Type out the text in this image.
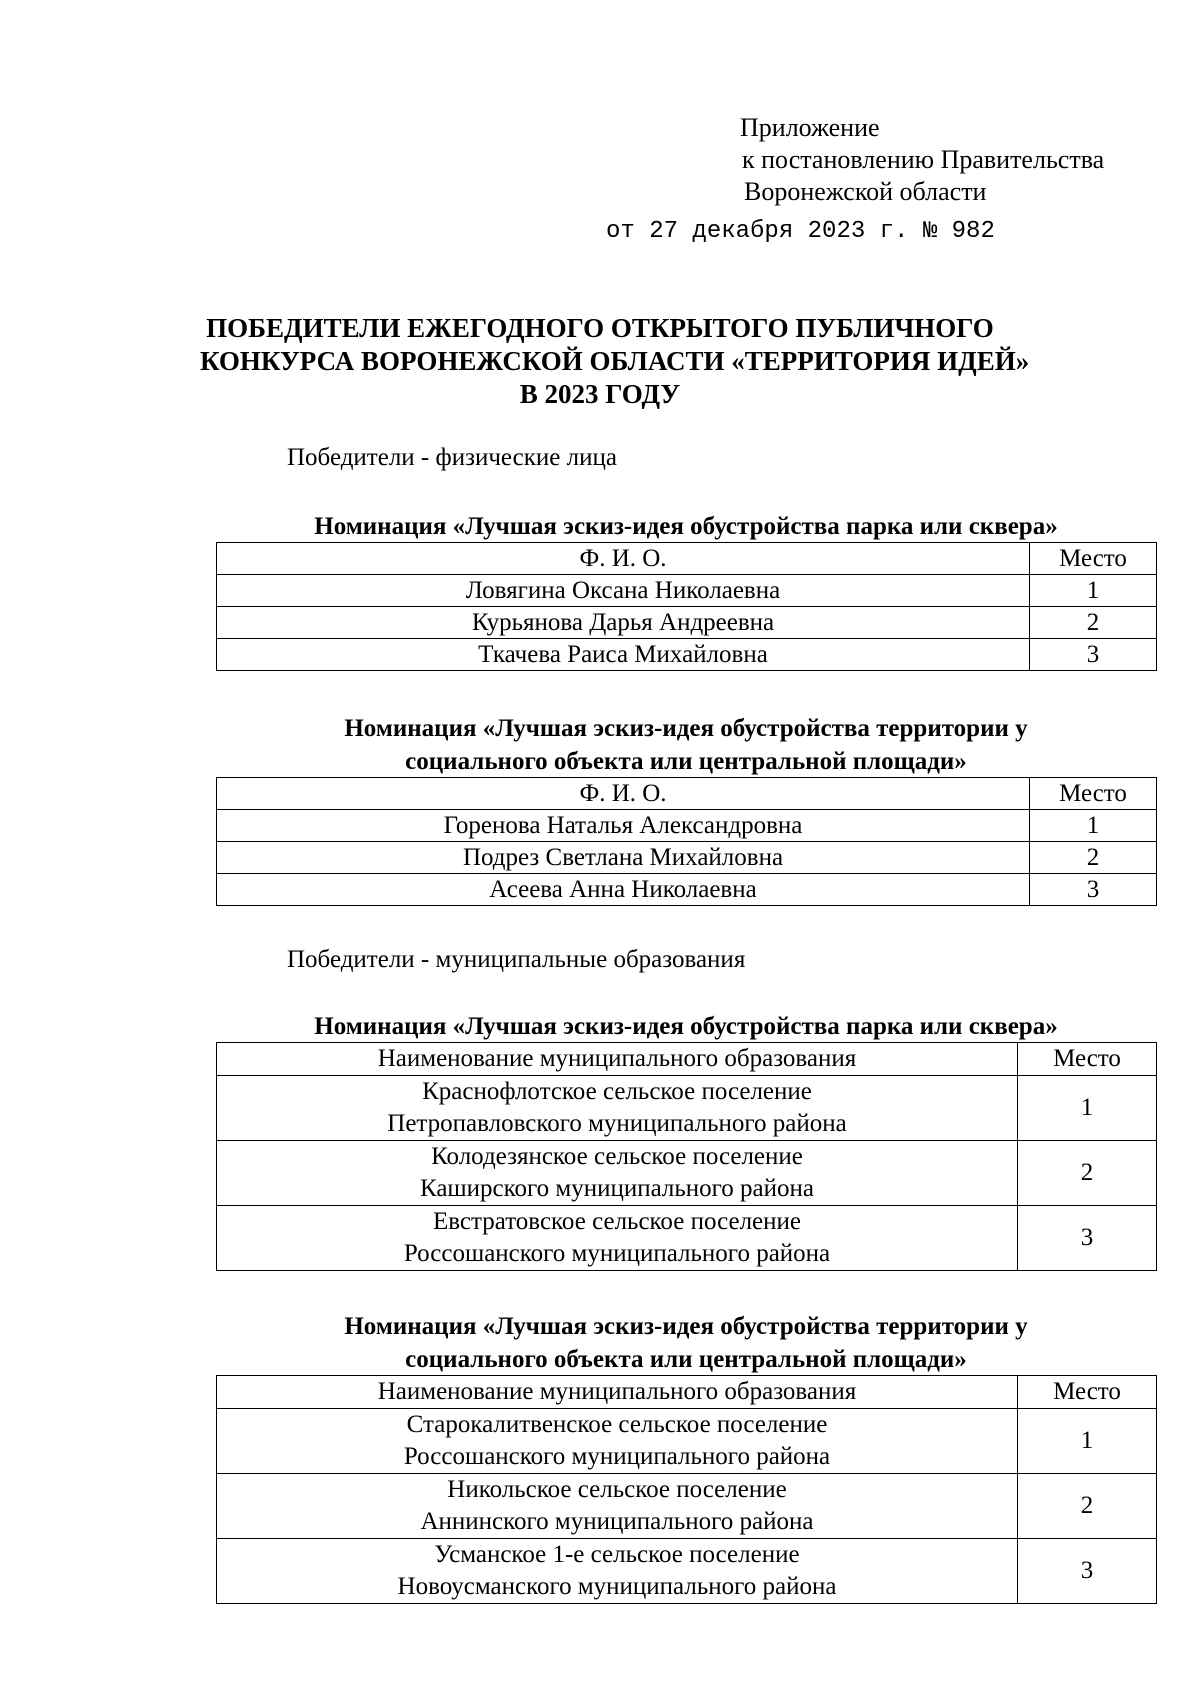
Приложение
к постановлению Правительства
Воронежской области
от 27 декабря 2023 г. № 982
ПОБЕДИТЕЛИ ЕЖЕГОДНОГО ОТКРЫТОГО ПУБЛИЧНОГО
КОНКУРСА ВОРОНЕЖСКОЙ ОБЛАСТИ «ТЕРРИТОРИЯ ИДЕЙ»
В 2023 ГОДУ
Победители - физические лица
Номинация «Лучшая эскиз-идея обустройства парка или сквера»
Ф. И. О.	Место
Ловягина Оксана Николаевна	1
Курьянова Дарья Андреевна	2
Ткачева Раиса Михайловна	3
Номинация «Лучшая эскиз-идея обустройства территории у
социального объекта или центральной площади»
Ф. И. О.	Место
Горенова Наталья Александровна	1
Подрез Светлана Михайловна	2
Асеева Анна Николаевна	3
Победители - муниципальные образования
Номинация «Лучшая эскиз-идея обустройства парка или сквера»
Наименование муниципального образования	Место

Краснофлотское сельское поселение
Петропавловского муниципального района	1

Колодезянское сельское поселение
Каширского муниципального района	2

Евстратовское сельское поселение
Россошанского муниципального района	3
Номинация «Лучшая эскиз-идея обустройства территории у
социального объекта или центральной площади»
Наименование муниципального образования	Место

Старокалитвенское сельское поселение
Россошанского муниципального района	1

Никольское сельское поселение
Аннинского муниципального района	2

Усманское 1-е сельское поселение
Новоусманского муниципального района	3
